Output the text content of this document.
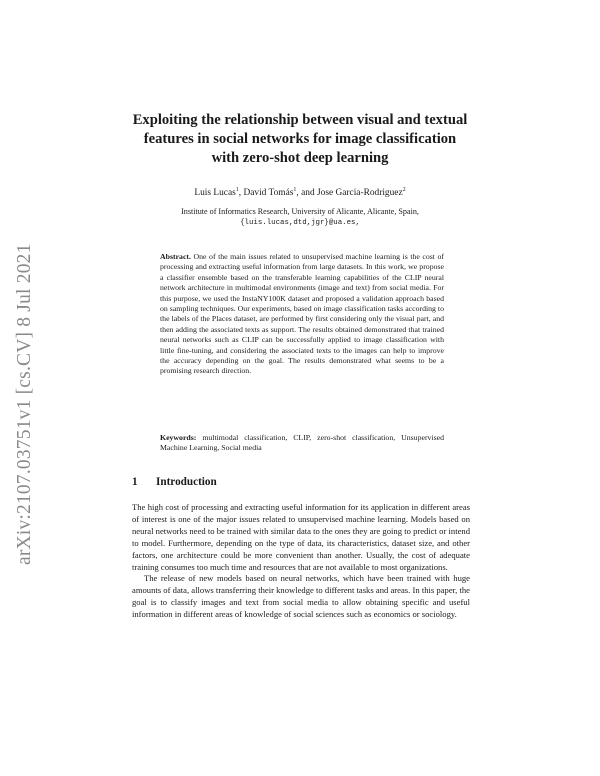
arXiv:2107.03751v1 [cs.CV] 8 Jul 2021
Exploiting the relationship between visual and textual features in social networks for image classification with zero-shot deep learning
Luis Lucas$^1$, David Tomás$^1$, and Jose Garcia-Rodriguez$^2$
Institute of Informatics Research, University of Alicante, Alicante, Spain,
{luis.lucas,dtd,jgr}@ua.es,
Abstract. One of the main issues related to unsupervised machine learning is the cost of processing and extracting useful information from large datasets. In this work, we propose a classifier ensemble based on the transferable learning capabilities of the CLIP neural network architecture in multimodal environments (image and text) from social media. For this purpose, we used the InstaNY100K dataset and proposed a validation approach based on sampling techniques. Our experiments, based on image classification tasks according to the labels of the Places dataset, are performed by first considering only the visual part, and then adding the associated texts as support. The results obtained demonstrated that trained neural networks such as CLIP can be successfully applied to image classification with little fine-tuning, and considering the associated texts to the images can help to improve the accuracy depending on the goal. The results demonstrated what seems to be a promising research direction.
Keywords: multimodal classification, CLIP, zero-shot classification, Unsupervised Machine Learning, Social media
1 Introduction

The high cost of processing and extracting useful information for its application in different areas of interest is one of the major issues related to unsupervised machine learning. Models based on neural networks need to be trained with similar data to the ones they are going to predict or intend to model. Furthermore, depending on the type of data, its characteristics, dataset size, and other factors, one architecture could be more convenient than another. Usually, the cost of adequate training consumes too much time and resources that are not available to most organizations.

The release of new models based on neural networks, which have been trained with huge amounts of data, allows transferring their knowledge to different tasks and areas. In this paper, the goal is to classify images and text from social media to allow obtaining specific and useful information in different areas of knowledge of social sciences such as economics or sociology.
